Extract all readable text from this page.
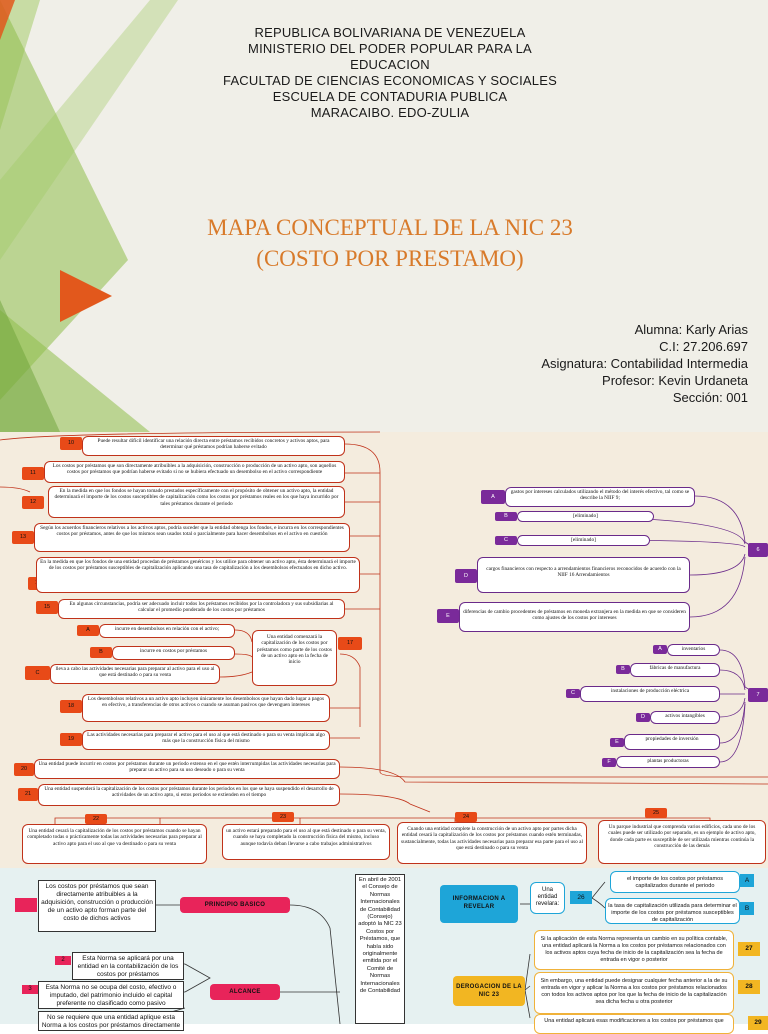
REPUBLICA BOLIVARIANA DE VENEZUELA
MINISTERIO DEL PODER POPULAR PARA LA
EDUCACION
FACULTAD DE CIENCIAS ECONOMICAS Y SOCIALES
ESCUELA DE CONTADURIA PUBLICA
MARACAIBO. EDO-ZULIA
MAPA CONCEPTUAL DE LA NIC 23
(COSTO POR PRESTAMO)
Alumna: Karly Arias
C.I: 27.206.697
Asignatura: Contabilidad Intermedia
Profesor: Kevin Urdaneta
Sección: 001
10	Puede resultar difícil identificar una relación directa entre préstamos recibidos concretos y activos aptos, para determinar qué préstamos podrían haberse evitado
11
Los costos por préstamos que son directamente atribuibles a la adquisición, construcción o producción de un activo apto, son aquellos costos por préstamos que podrían haberse evitado si no se hubiera efectuado un desembolso en el activo correspondiente
12
En la medida en que los fondos se hayan tomado prestados específicamente con el propósito de obtener un activo apto, la entidad determinará el importe de los costos susceptibles de capitalización como los costos por préstamos reales en los que haya incurrido por tales préstamos durante el periodo
13
Según los acuerdos financieros relativos a los activos aptos, podría suceder que la entidad obtenga los fondos, e incurra en los correspondientes costos por préstamos, antes de que los mismos sean usados total o parcialmente para hacer desembolsos en el activo en cuestión
En la medida en que los fondos de una entidad procedan de préstamos genéricos y los utilice para obtener un activo apto, ésta determinará el importe de los costos por préstamos susceptibles de capitalización aplicando una tasa de capitalización a los desembolsos efectuados en dicho activo.
15	En algunas circunstancias, podría ser adecuado incluir todos los préstamos recibidos por la controladora y sus subsidiarias al calcular el promedio ponderado de los costos por préstamos
A	incurre en desembolsos en relación con el activo;
B	incurre en costos por préstamos
C
lleva a cabo las actividades necesarias para preparar al activo para el uso al que está destinado o para su venta
Una entidad comenzará la capitalización de los costos por préstamos como parte de los costos de un activo apto en la fecha de inicio
17
18
Los desembolsos relativos a un activo apto incluyen únicamente los desembolsos que hayan dado lugar a pagos en efectivo, a transferencias de otros activos o cuando se asuman pasivos que devenguen intereses
19
Las actividades necesarias para preparar el activo para el uso al que está destinado o para su venta implican algo más que la construcción física del mismo
20
Una entidad puede incurrir en costos por préstamos durante un periodo extenso en el que estén interrumpidas las actividades necesarias para preparar un activo para su uso deseado o para su venta
21
Una entidad suspenderá la capitalización de los costos por préstamos durante los periodos en los que se haya suspendido el desarrollo de actividades de un activo apto, si estos periodos se extienden en el tiempo
22
Una entidad cesará la capitalización de los costos por préstamos cuando se hayan completado todas o prácticamente todas las actividades necesarias para preparar al activo apto para el uso al que va destinado o para su venta
23
un activo estará preparado para el uso al que está destinado o para su venta, cuando se haya completado la construcción física del mismo, incluso aunque todavía deban llevarse a cabo trabajos administrativos
24
Cuando una entidad complete la construcción de un activo apto por partes dicha entidad cesará la capitalización de los costos por préstamos cuando estén terminadas, sustancialmente, todas las actividades necesarias para preparar esa parte para el uso al que está destinado o para su venta
25
Un parque industrial que comprenda varios edificios, cada uno de los cuales puede ser utilizado por separado, es un ejemplo de activo apto, donde cada parte es susceptible de ser utilizada mientras continúa la construcción de las demás
A
gastos por intereses calculados utilizando el método del interés efectivo, tal como se describe la NIIF 9;
B	[eliminado]
C	[eliminado]
D
cargos financieros con respecto a arrendamientos financieros reconocidos de acuerdo con la NIIF 16 Arrendamientos
E
diferencias de cambio procedentes de préstamos en moneda extranjera en la medida en que se consideren como ajustes de los costos por intereses
6
7
A	inventarios
B	fábricas de manufactura
C	instalaciones de producción eléctrica
D	activos intangibles
E	propiedades de inversión
F	plantas productoras
Los costos por préstamos que sean directamente atribuibles a la adquisición, construcción o producción de un activo apto forman parte del costo de dichos activos
PRINCIPIO BASICO
2	Esta Norma se aplicará por una entidad en la contabilización de los costos por préstamos
3	Esta Norma no se ocupa del costo, efectivo o imputado, del patrimonio incluido el capital preferente no clasificado como pasivo
No se requiere que una entidad aplique esta Norma a los costos por préstamos directamente
ALCANCE
En abril de 2001 el Consejo de Normas Internacionales de Contabilidad (Consejo) adoptó la NIC 23 Costos por Préstamos, que había sido originalmente emitida por el Comité de Normas Internacionales de Contabilidad
INFORMACION A REVELAR
Una entidad revelara:
26
el importe de los costos por préstamos capitalizados durante el periodo
A
la tasa de capitalización utilizada para determinar el importe de los costos por préstamos susceptibles de capitalización
B
DEROGACION DE LA NIC 23
Si la aplicación de esta Norma representa un cambio en su política contable, una entidad aplicará la Norma a los costos por préstamos relacionados con los activos aptos cuya fecha de inicio de la capitalización sea la fecha de entrada en vigor o posterior
27
Sin embargo, una entidad puede designar cualquier fecha anterior a la de su entrada en vigor y aplicar la Norma a los costos por préstamos relacionados con todos los activos aptos por los que la fecha de inicio de la capitalización sea dicha fecha u otra posterior
28
Una entidad aplicará esas modificaciones a los costos por préstamos que	29
